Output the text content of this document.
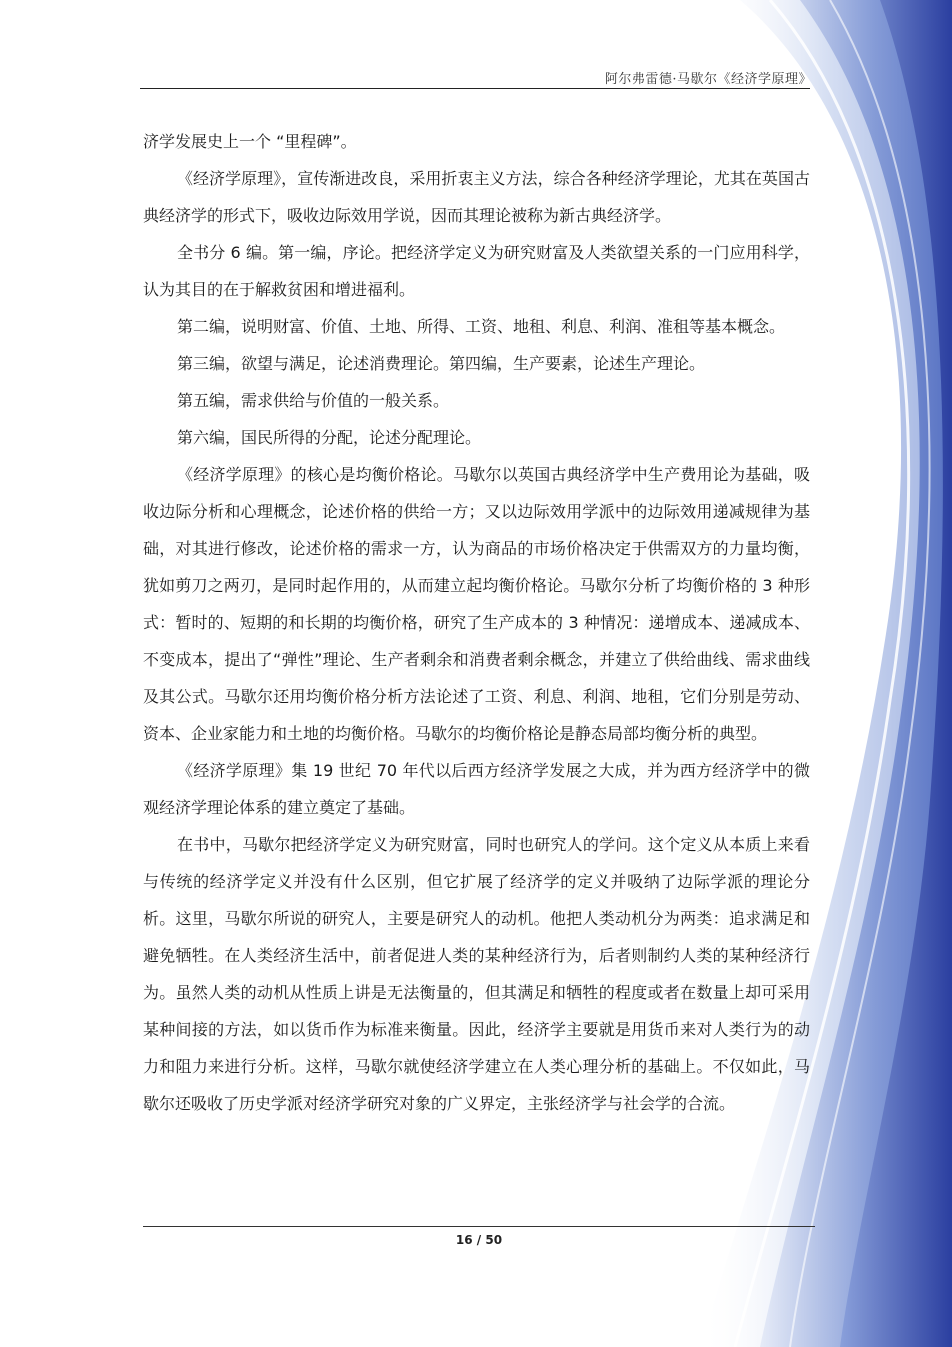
阿尔弗雷德·马歇尔《经济学原理》

济学发展史上一个 “里程碑”。

《经济学原理》，宣传渐进改良，采用折衷主义方法，综合各种经济学理论，尤其在英国古典经济学的形式下，吸收边际效用学说，因而其理论被称为新古典经济学。

全书分 6 编。第一编，序论。把经济学定义为研究财富及人类欲望关系的一门应用科学，认为其目的在于解救贫困和增进福利。

第二编，说明财富、价值、土地、所得、工资、地租、利息、利润、准租等基本概念。

第三编，欲望与满足，论述消费理论。第四编，生产要素，论述生产理论。

第五编，需求供给与价值的一般关系。

第六编，国民所得的分配，论述分配理论。

《经济学原理》的核心是均衡价格论。马歇尔以英国古典经济学中生产费用论为基础，吸收边际分析和心理概念，论述价格的供给一方；又以边际效用学派中的边际效用递减规律为基础，对其进行修改，论述价格的需求一方，认为商品的市场价格决定于供需双方的力量均衡，犹如剪刀之两刃，是同时起作用的，从而建立起均衡价格论。马歇尔分析了均衡价格的 3 种形式：暂时的、短期的和长期的均衡价格，研究了生产成本的 3 种情况：递增成本、递减成本、不变成本，提出了“弹性”理论、生产者剩余和消费者剩余概念，并建立了供给曲线、需求曲线及其公式。马歇尔还用均衡价格分析方法论述了工资、利息、利润、地租，它们分别是劳动、资本、企业家能力和土地的均衡价格。马歇尔的均衡价格论是静态局部均衡分析的典型。

《经济学原理》集 19 世纪 70 年代以后西方经济学发展之大成，并为西方经济学中的微观经济学理论体系的建立奠定了基础。

在书中，马歇尔把经济学定义为研究财富，同时也研究人的学问。这个定义从本质上来看与传统的经济学定义并没有什么区别，但它扩展了经济学的定义并吸纳了边际学派的理论分析。这里，马歇尔所说的研究人，主要是研究人的动机。他把人类动机分为两类：追求满足和避免牺牲。在人类经济生活中，前者促进人类的某种经济行为，后者则制约人类的某种经济行为。虽然人类的动机从性质上讲是无法衡量的，但其满足和牺牲的程度或者在数量上却可采用某种间接的方法，如以货币作为标准来衡量。因此，经济学主要就是用货币来对人类行为的动力和阻力来进行分析。这样，马歇尔就使经济学建立在人类心理分析的基础上。不仅如此，马歇尔还吸收了历史学派对经济学研究对象的广义界定，主张经济学与社会学的合流。

16 / 50
